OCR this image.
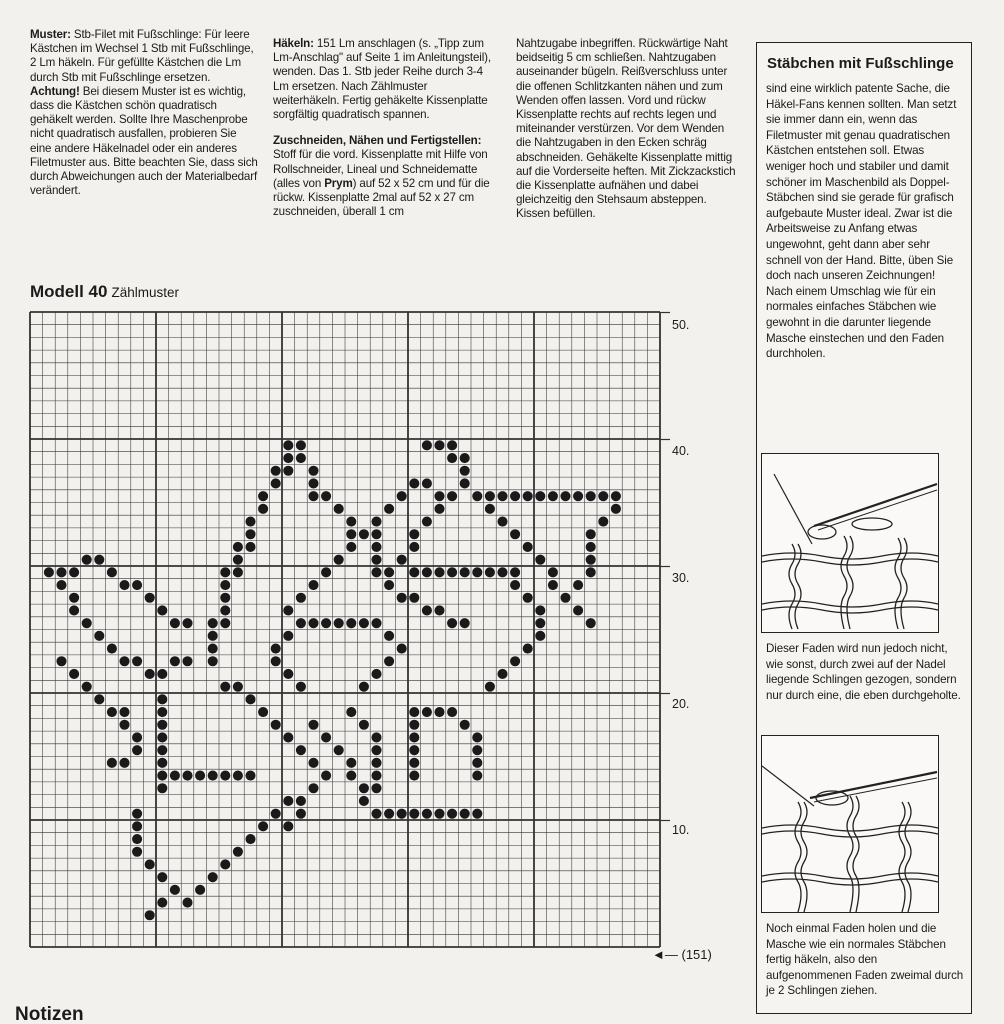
Muster: Stb-Filet mit Fußschlinge: Für leere Kästchen im Wechsel 1 Stb mit Fußschlinge, 2 Lm häkeln. Für gefüllte Kästchen die Lm durch Stb mit Fußschlinge ersetzen.

Achtung! Bei diesem Muster ist es wichtig, dass die Kästchen schön quadratisch gehäkelt werden. Sollte Ihre Maschenprobe nicht quadratisch ausfallen, probieren Sie eine andere Häkelnadel oder ein anderes Filetmuster aus. Bitte beachten Sie, dass sich durch Abweichungen auch der Materialbedarf verändert.

Häkeln: 151 Lm anschlagen (s. „Tipp zum Lm-Anschlag" auf Seite 1 im Anleitungsteil), wenden. Das 1. Stb jeder Reihe durch 3-4 Lm ersetzen. Nach Zählmuster weiterhäkeln. Fertig gehäkelte Kissenplatte sorgfältig quadratisch spannen.

Zuschneiden, Nähen und Fertigstellen: Stoff für die vord. Kissenplatte mit Hilfe von Rollschneider, Lineal und Schneidematte (alles von Prym) auf 52 x 52 cm und für die rückw. Kissenplatte 2mal auf 52 x 27 cm zuschneiden, überall 1 cm

Nahtzugabe inbegriffen. Rückwärtige Naht beidseitig 5 cm schließen. Nahtzugaben auseinander bügeln. Reißverschluss unter die offenen Schlitzkanten nähen und zum Wenden offen lassen. Vord und rückw Kissenplatte rechts auf rechts legen und miteinander verstürzen. Vor dem Wenden die Nahtzugaben in den Ecken schräg abschneiden. Gehäkelte Kissenplatte mittig auf die Vorderseite heften. Mit Zickzackstich die Kissenplatte aufnähen und dabei gleichzeitig den Stehsaum absteppen. Kissen befüllen.

Modell 40 Zählmuster
50.
40.
30.
20.
10.
◄— (151)
Stäbchen mit Fußschlinge
sind eine wirklich patente Sache, die Häkel-Fans kennen sollten. Man setzt sie immer dann ein, wenn das Filetmuster mit genau quadratischen Kästchen entstehen soll. Etwas weniger hoch und stabiler und damit schöner im Maschenbild als Doppel-Stäbchen sind sie gerade für grafisch aufgebaute Muster ideal. Zwar ist die Arbeitsweise zu Anfang etwas ungewohnt, geht dann aber sehr schnell von der Hand. Bitte, üben Sie doch nach unseren Zeichnungen! Nach einem Umschlag wie für ein normales einfaches Stäbchen wie gewohnt in die darunter liegende Masche einstechen und den Faden durchholen.
Dieser Faden wird nun jedoch nicht, wie sonst, durch zwei auf der Nadel liegende Schlingen gezogen, sondern nur durch eine, die eben durchgeholte.
Noch einmal Faden holen und die Masche wie ein normales Stäbchen fertig häkeln, also den aufgenommenen Faden zweimal durch je 2 Schlingen ziehen.
Notizen
